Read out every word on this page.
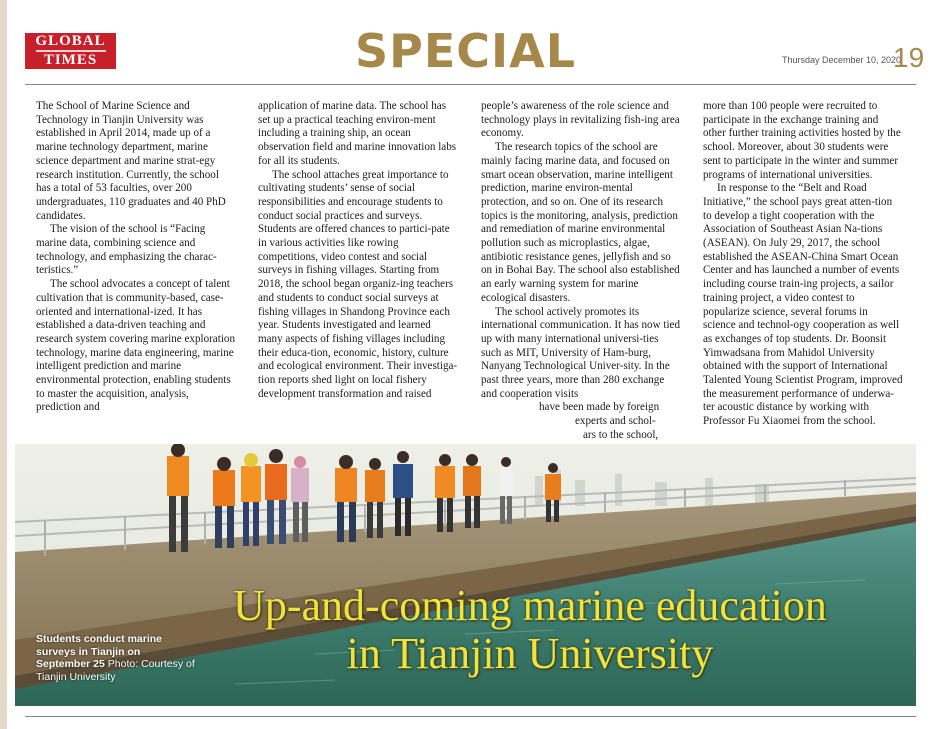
GLOBAL
TIMES	SPECIAL	Thursday December 10, 2020
19

The School of Marine Science and Technology in Tianjin University was established in April 2014, made up of a marine technology department, marine science department and marine strat-egy research institution. Currently, the school has a total of 53 faculties, over 200 undergraduates, 110 graduates and 40 PhD candidates.

The vision of the school is “Facing marine data, combining science and technology, and emphasizing the charac-teristics.”

The school advocates a concept of talent cultivation that is community-based, case-oriented and international-ized. It has established a data-driven teaching and research system covering marine exploration technology, marine data engineering, marine intelligent prediction and marine environmental protection, enabling students to master the acquisition, analysis, prediction and

application of marine data. The school has set up a practical teaching environ-ment including a training ship, an ocean observation field and marine innovation labs for all its students.

The school attaches great importance to cultivating students’ sense of social responsibilities and encourage students to conduct social practices and surveys. Students are offered chances to partici-pate in various activities like rowing competitions, video contest and social surveys in fishing villages. Starting from 2018, the school began organiz-ing teachers and students to conduct social surveys at fishing villages in Shandong Province each year. Students investigated and learned many aspects of fishing villages including their educa-tion, economic, history, culture and ecological environment. Their investiga-tion reports shed light on local fishery development transformation and raised

people’s awareness of the role science and technology plays in revitalizing fish-ing area economy.

The research topics of the school are mainly facing marine data, and focused on smart ocean observation, marine intelligent prediction, marine environ-mental protection, and so on. One of its research topics is the monitoring, analysis, prediction and remediation of marine environmental pollution such as microplastics, algae, antibiotic resistance genes, jellyfish and so on in Bohai Bay. The school also established an early warning system for marine ecological disasters.

The school actively promotes its international communication. It has now tied up with many international universi-ties such as MIT, University of Ham-burg, Nanyang Technological Univer-sity. In the past three years, more than 280 exchange and cooperation visits

have been made by foreign
experts and schol-
ars to the school,

more than 100 people were recruited to participate in the exchange training and other further training activities hosted by the school. Moreover, about 30 students were sent to participate in the winter and summer programs of international universities.

In response to the “Belt and Road Initiative,” the school pays great atten-tion to develop a tight cooperation with the Association of Southeast Asian Na-tions (ASEAN). On July 29, 2017, the school established the ASEAN-China Smart Ocean Center and has launched a number of events including course train-ing projects, a sailor training project, a video contest to popularize science, several forums in science and technol-ogy cooperation as well as exchanges of top students. Dr. Boonsit Yimwadsana from Mahidol University obtained with the support of International Talented Young Scientist Program, improved the measurement performance of underwa-ter acoustic distance by working with Professor Fu Xiaomei from the school.

Up-and-coming marine education
in Tianjin University
Students conduct marine surveys in Tianjin on September 25 Photo: Courtesy of Tianjin University
